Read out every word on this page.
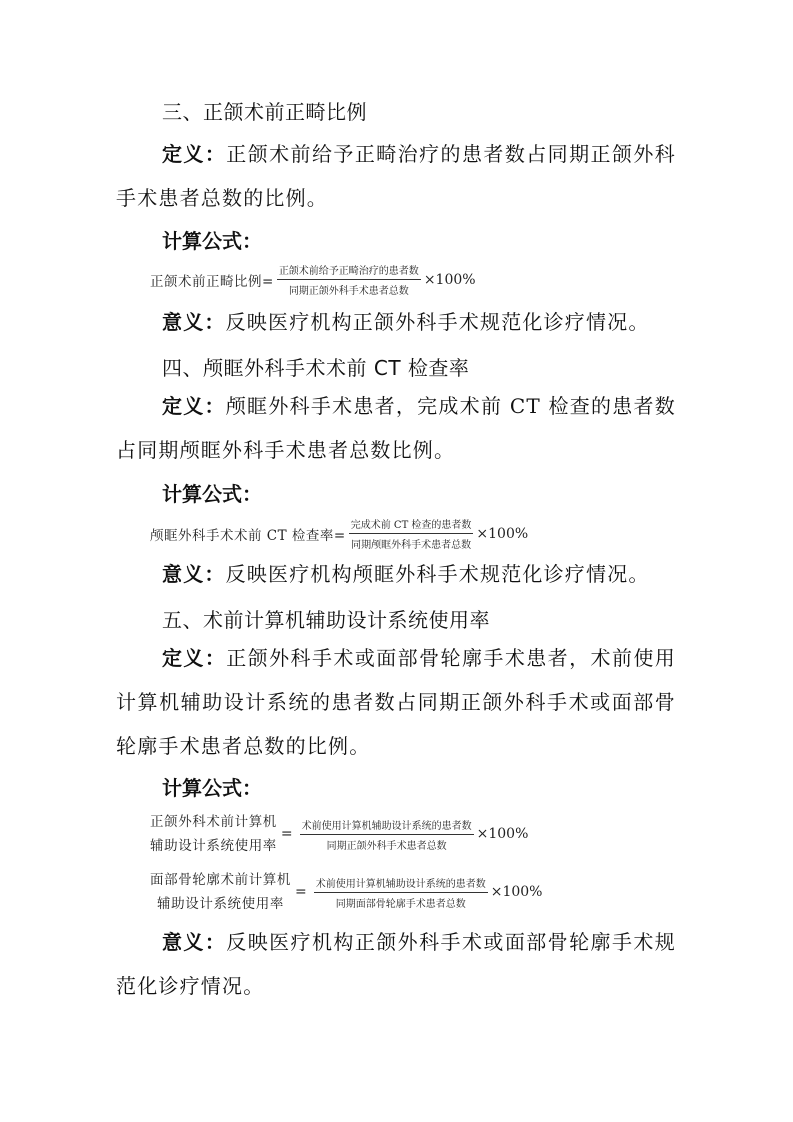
三、正颌术前正畸比例

定义：正颌术前给予正畸治疗的患者数占同期正颌外科手术患者总数的比例。

计算公式：
正颌术前正畸比例= $\frac{\text{正颌术前给予正畸治疗的患者数}}{\text{同期正颌外科手术患者总数}} \times 100\%$

意义：反映医疗机构正颌外科手术规范化诊疗情况。

四、颅眶外科手术术前 CT 检查率

定义：颅眶外科手术患者，完成术前 CT 检查的患者数占同期颅眶外科手术患者总数比例。

计算公式：
颅眶外科手术术前 CT 检查率= $\frac{\text{完成术前 CT 检查的患者数}}{\text{同期颅眶外科手术患者总数}} \times 100\%$

意义：反映医疗机构颅眶外科手术规范化诊疗情况。

五、术前计算机辅助设计系统使用率

定义：正颌外科手术或面部骨轮廓手术患者，术前使用计算机辅助设计系统的患者数占同期正颌外科手术或面部骨轮廓手术患者总数的比例。

计算公式：
正颌外科术前计算机
辅助设计系统使用率
= $\frac{\text{术前使用计算机辅助设计系统的患者数}}{\text{同期正颌外科手术患者总数}} \times 100\%$
面部骨轮廓术前计算机
辅助设计系统使用率
= $\frac{\text{术前使用计算机辅助设计系统的患者数}}{\text{同期面部骨轮廓手术患者总数}} \times 100\%$

意义：反映医疗机构正颌外科手术或面部骨轮廓手术规范化诊疗情况。
